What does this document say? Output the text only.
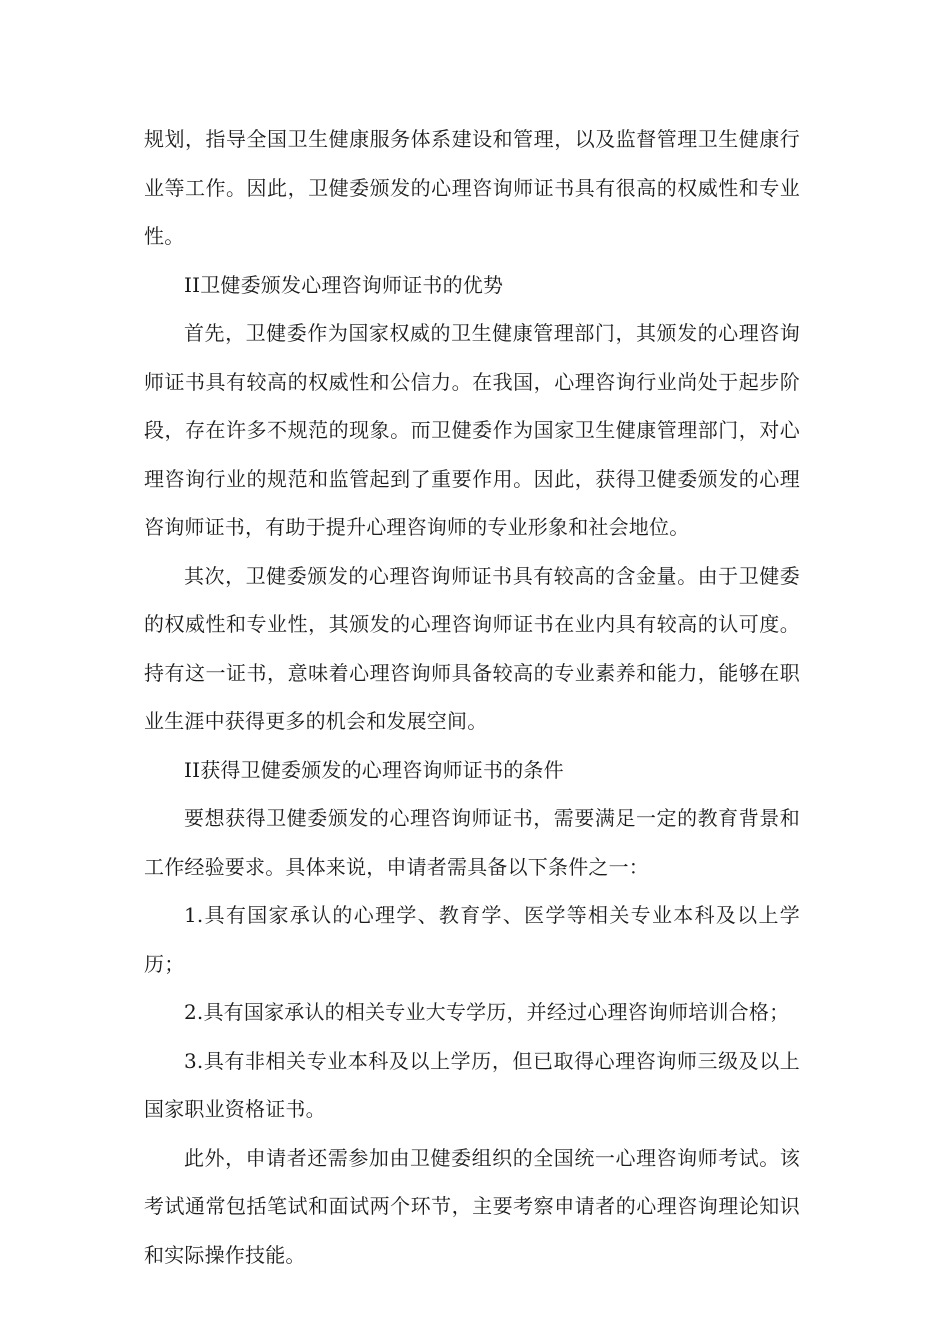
规划，指导全国卫生健康服务体系建设和管理，以及监督管理卫生健康行业等工作。因此，卫健委颁发的心理咨询师证书具有很高的权威性和专业性。

II卫健委颁发心理咨询师证书的优势

首先，卫健委作为国家权威的卫生健康管理部门，其颁发的心理咨询师证书具有较高的权威性和公信力。在我国，心理咨询行业尚处于起步阶段，存在许多不规范的现象。而卫健委作为国家卫生健康管理部门，对心理咨询行业的规范和监管起到了重要作用。因此，获得卫健委颁发的心理咨询师证书，有助于提升心理咨询师的专业形象和社会地位。

其次，卫健委颁发的心理咨询师证书具有较高的含金量。由于卫健委的权威性和专业性，其颁发的心理咨询师证书在业内具有较高的认可度。持有这一证书，意味着心理咨询师具备较高的专业素养和能力，能够在职业生涯中获得更多的机会和发展空间。

II获得卫健委颁发的心理咨询师证书的条件

要想获得卫健委颁发的心理咨询师证书，需要满足一定的教育背景和工作经验要求。具体来说，申请者需具备以下条件之一：

1.具有国家承认的心理学、教育学、医学等相关专业本科及以上学历；

2.具有国家承认的相关专业大专学历，并经过心理咨询师培训合格；

3.具有非相关专业本科及以上学历，但已取得心理咨询师三级及以上国家职业资格证书。

此外，申请者还需参加由卫健委组织的全国统一心理咨询师考试。该考试通常包括笔试和面试两个环节，主要考察申请者的心理咨询理论知识和实际操作技能。
